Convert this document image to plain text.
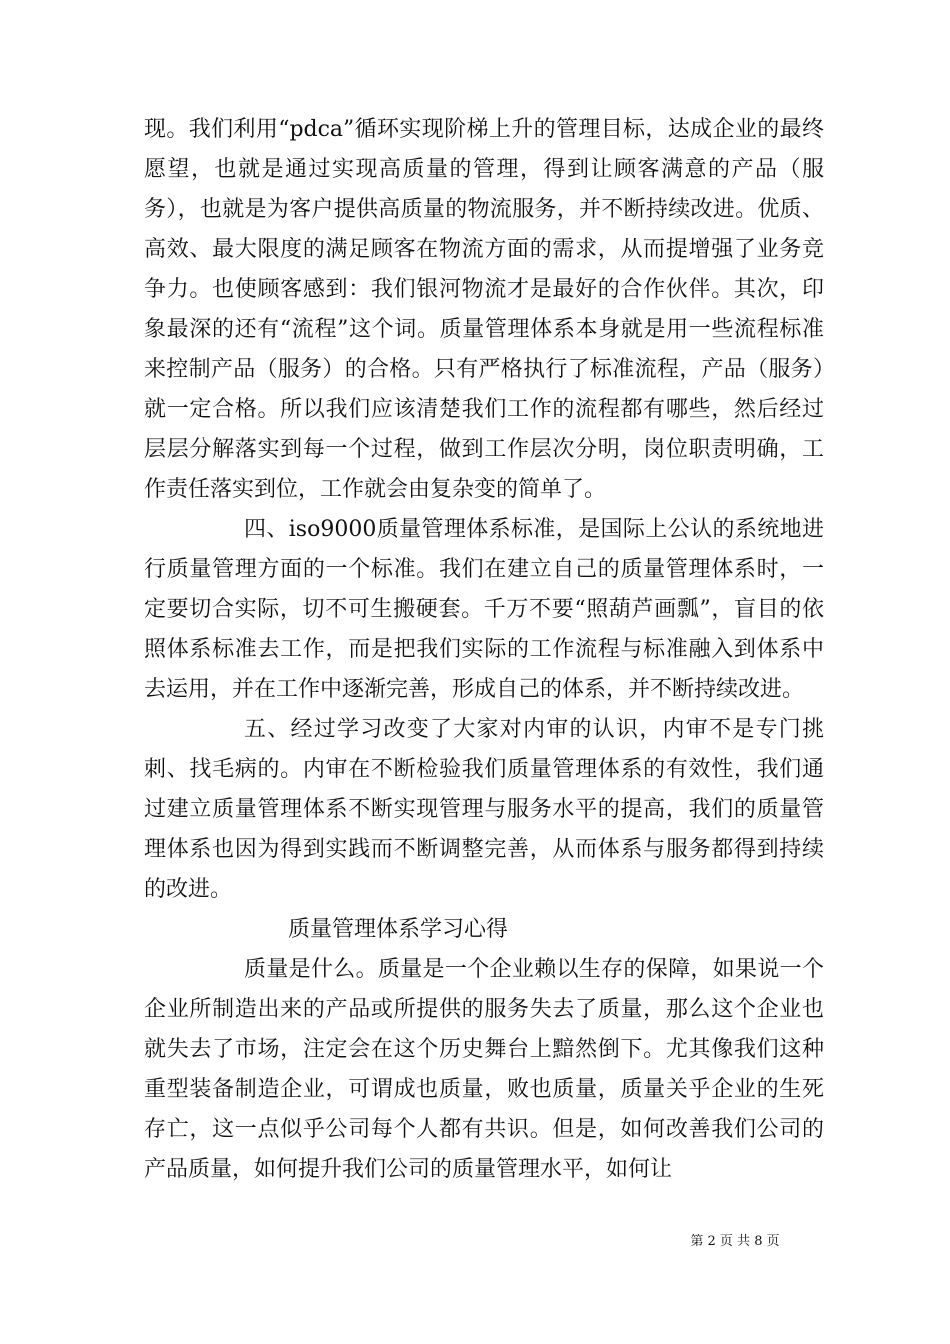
现。我们利用“pdca”循环实现阶梯上升的管理目标，达成企业的最终愿望，也就是通过实现高质量的管理，得到让顾客满意的产品（服务），也就是为客户提供高质量的物流服务，并不断持续改进。优质、高效、最大限度的满足顾客在物流方面的需求，从而提增强了业务竞争力。也使顾客感到：我们银河物流才是最好的合作伙伴。其次，印象最深的还有“流程”这个词。质量管理体系本身就是用一些流程标准来控制产品（服务）的合格。只有严格执行了标准流程，产品（服务）就一定合格。所以我们应该清楚我们工作的流程都有哪些，然后经过层层分解落实到每一个过程，做到工作层次分明，岗位职责明确，工作责任落实到位，工作就会由复杂变的简单了。

四、iso9000质量管理体系标准，是国际上公认的系统地进行质量管理方面的一个标准。我们在建立自己的质量管理体系时，一定要切合实际，切不可生搬硬套。千万不要“照葫芦画瓢”，盲目的依照体系标准去工作，而是把我们实际的工作流程与标准融入到体系中去运用，并在工作中逐渐完善，形成自己的体系，并不断持续改进。

五、经过学习改变了大家对内审的认识，内审不是专门挑刺、找毛病的。内审在不断检验我们质量管理体系的有效性，我们通过建立质量管理体系不断实现管理与服务水平的提高，我们的质量管理体系也因为得到实践而不断调整完善，从而体系与服务都得到持续的改进。

质量管理体系学习心得

质量是什么。质量是一个企业赖以生存的保障，如果说一个企业所制造出来的产品或所提供的服务失去了质量，那么这个企业也就失去了市场，注定会在这个历史舞台上黯然倒下。尤其像我们这种重型装备制造企业，可谓成也质量，败也质量，质量关乎企业的生死存亡，这一点似乎公司每个人都有共识。但是，如何改善我们公司的产品质量，如何提升我们公司的质量管理水平，如何让

第 2 页 共 8 页
